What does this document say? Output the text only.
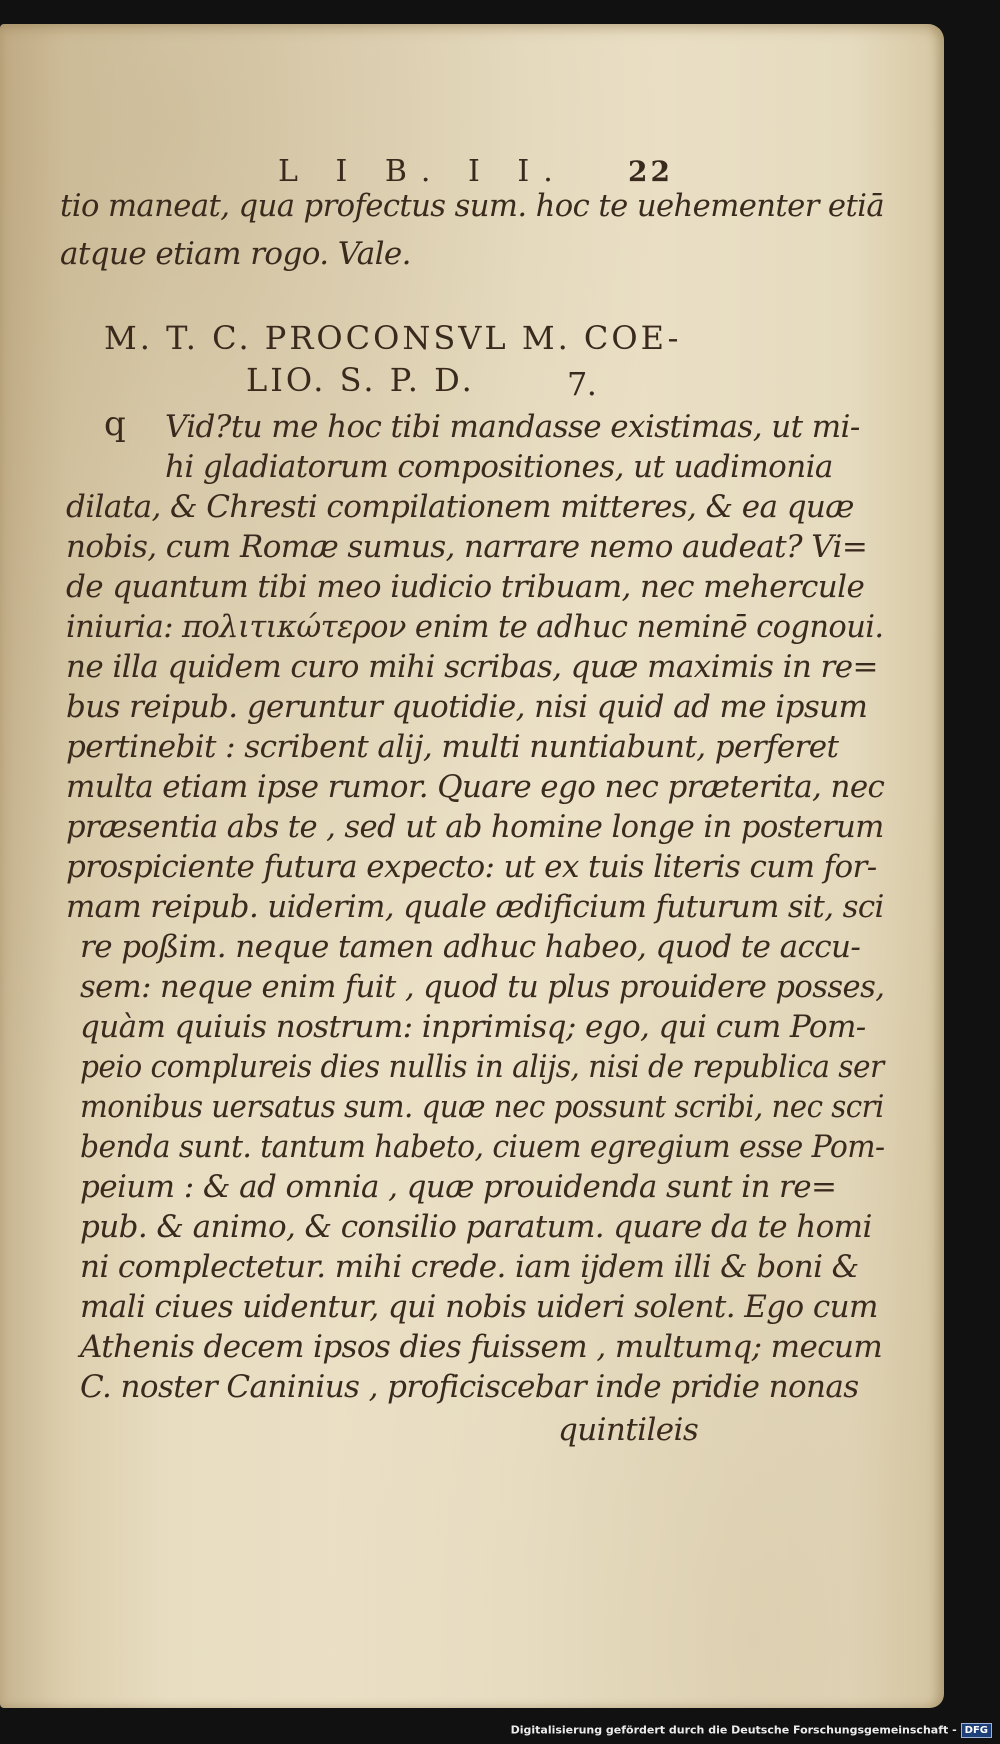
L I B. I I. 22
tio maneat, qua profectus sum. hoc te uehementer etiā
atque etiam rogo. Vale.
M. T. C. PROCONSVL M. COE-
LIO. S. P. D.	7.
q Vid?tu me hoc tibi mandasse existimas, ut mi-
hi gladiatorum compositiones, ut uadimonia
dilata, & Chresti compilationem mitteres, & ea quæ
nobis, cum Romæ sumus, narrare nemo audeat? Vi=
de quantum tibi meo iudicio tribuam, nec mehercule
iniuria: πολιτικώτερον enim te adhuc neminē cognoui.
ne illa quidem curo mihi scribas, quæ maximis in re=
bus reipub. geruntur quotidie, nisi quid ad me ipsum
pertinebit : scribent alij, multi nuntiabunt, perferet
multa etiam ipse rumor. Quare ego nec præterita, nec
præsentia abs te , sed ut ab homine longe in posterum
prospiciente futura expecto: ut ex tuis literis cum for-
mam reipub. uiderim, quale ædificium futurum sit, sci
re poßim. neque tamen adhuc habeo, quod te accu-
sem: neque enim fuit , quod tu plus prouidere posses,
quàm quiuis nostrum: inprimisq; ego, qui cum Pom-
peio complureis dies nullis in alijs, nisi de republica ser
monibus uersatus sum. quæ nec possunt scribi, nec scri
benda sunt. tantum habeto, ciuem egregium esse Pom-
peium : & ad omnia , quæ prouidenda sunt in re=
pub. & animo, & consilio paratum. quare da te homi
ni complectetur. mihi crede. iam ijdem illi & boni &
mali ciues uidentur, qui nobis uideri solent. Ego cum
Athenis decem ipsos dies fuissem , multumq; mecum
C. noster Caninius , proficiscebar inde pridie nonas
quintileis
Digitalisierung gefördert durch die Deutsche Forschungsgemeinschaft - DFG
